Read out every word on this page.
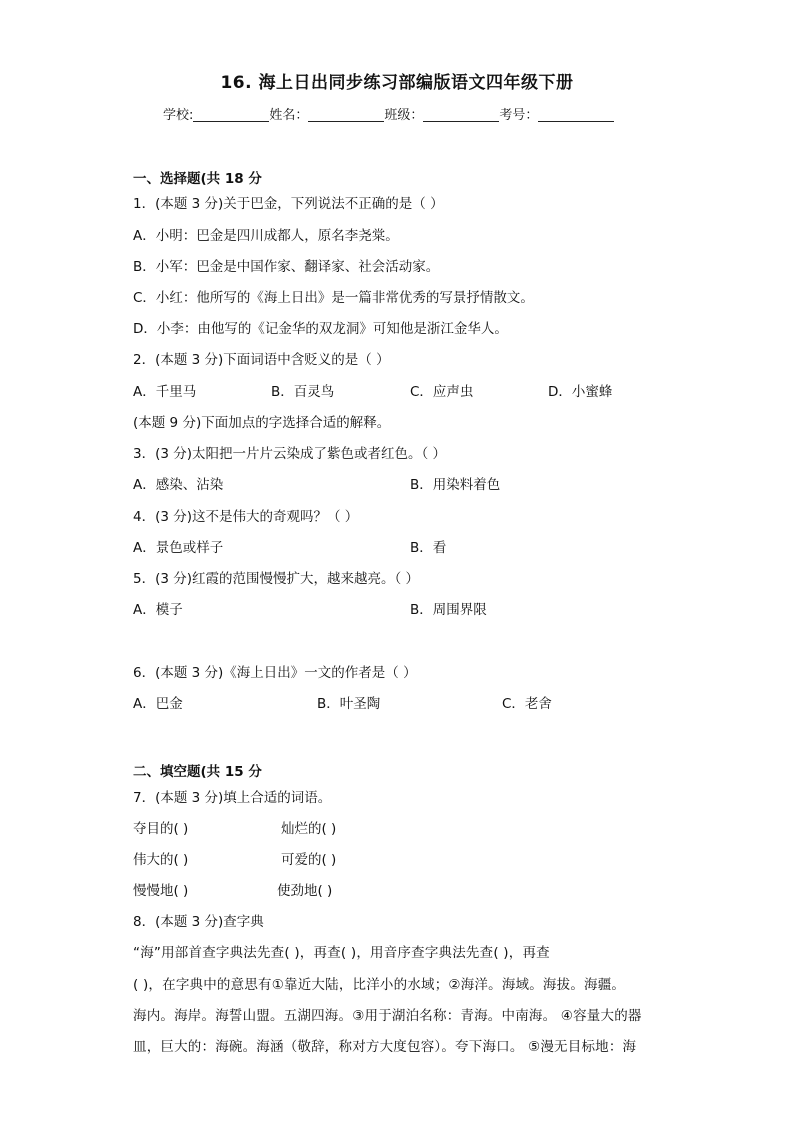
16. 海上日出同步练习部编版语文四年级下册
学校:	姓名：	班级：	考号：
一、选择题(共 18 分
1．(本题 3 分)关于巴金，下列说法不正确的是（ ）
A．小明：巴金是四川成都人，原名李尧棠。
B．小军：巴金是中国作家、翻译家、社会活动家。
C．小红：他所写的《海上日出》是一篇非常优秀的写景抒情散文。
D．小李：由他写的《记金华的双龙洞》可知他是浙江金华人。
2．(本题 3 分)下面词语中含贬义的是（ ）
A．千里马	B．百灵鸟	C．应声虫	D．小蜜蜂
(本题 9 分)下面加点的字选择合适的解释。
3．(3 分)太阳把一片片云染成了紫色或者红色。（ ）
A．感染、沾染	B．用染料着色
4．(3 分)这不是伟大的奇观吗？（ ）
A．景色或样子	B．看
5．(3 分)红霞的范围慢慢扩大，越来越亮。（ ）
A．模子	B．周围界限
6．(本题 3 分)《海上日出》一文的作者是（ ）
A．巴金	B．叶圣陶	C．老舍
二、填空题(共 15 分
7．(本题 3 分)填上合适的词语。
夺目的( )	灿烂的( )
伟大的( )	可爱的( )
慢慢地( )	使劲地( )
8．(本题 3 分)查字典
“海”用部首查字典法先查( )，再查( )，用音序查字典法先查( )，再查
( )，在字典中的意思有①靠近大陆，比洋小的水域；②海洋。海域。海拔。海疆。
海内。海岸。海誓山盟。五湖四海。③用于湖泊名称：青海。中南海。 ④容量大的器
皿，巨大的：海碗。海涵（敬辞，称对方大度包容）。夸下海口。 ⑤漫无目标地：海
